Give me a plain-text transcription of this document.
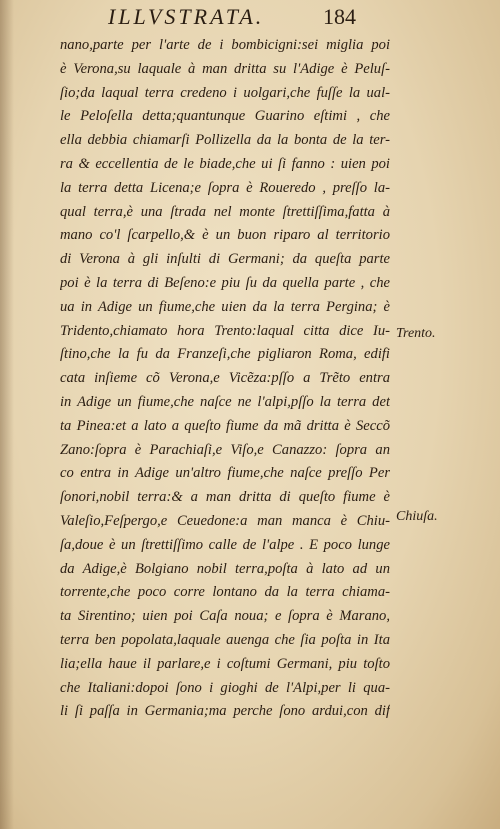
ILLVSTRATA.	184
nano,parte per l'arte de i bombicigni:sei miglia poi
è Verona,su laquale à man dritta su l'Adige è Peluſ-
ſio;da laqual terra credeno i uolgari,che fuſſe la ual-
le Peloſella detta;quantunque Guarino eſtimi , che
ella debbia chiamarſi Pollizella da la bonta de la ter-
ra & eccellentia de le biade,che ui ſi fanno : uien poi
la terra detta Licena;e ſopra è Roueredo , preſſo la-
qual terra,è una ſtrada nel monte ſtrettiſſima,fatta à
mano co'l ſcarpello,& è un buon riparo al territorio
di Verona à gli inſulti di Germani; da queſta parte
poi è la terra di Beſeno:e piu ſu da quella parte , che
ua in Adige un fiume,che uien da la terra Pergina; è
Tridento,chiamato hora Trento:laqual citta dice Iu-
ſtino,che la fu da Franzeſi,che pigliaron Roma, edifi
cata inſieme cõ Verona,e Vicẽza:pſſo a Trẽto entra
in Adige un fiume,che naſce ne l'alpi,pſſo la terra det
ta Pinea:et a lato a queſto fiume da mã dritta è Seccõ
Zano:ſopra è Parachiaſi,e Viſo,e Canazzo: ſopra an
co entra in Adige un'altro fiume,che naſce preſſo Per
ſonori,nobil terra:& a man dritta di queſto fiume è
Valeſio,Feſpergo,e Ceuedone:a man manca è Chiu-
ſa,doue è un ſtrettiſſimo calle de l'alpe . E poco lunge
da Adige,è Bolgiano nobil terra,poſta à lato ad un
torrente,che poco corre lontano da la terra chiama-
ta Sirentino; uien poi Caſa noua; e ſopra è Marano,
terra ben popolata,laquale auenga che ſia poſta in Ita
lia;ella haue il parlare,e i coſtumi Germani, piu toſto
che Italiani:dopoi ſono i gioghi de l'Alpi,per li qua-
li ſi paſſa in Germania;ma perche ſono ardui,con dif
Trento.
Chiuſa.
